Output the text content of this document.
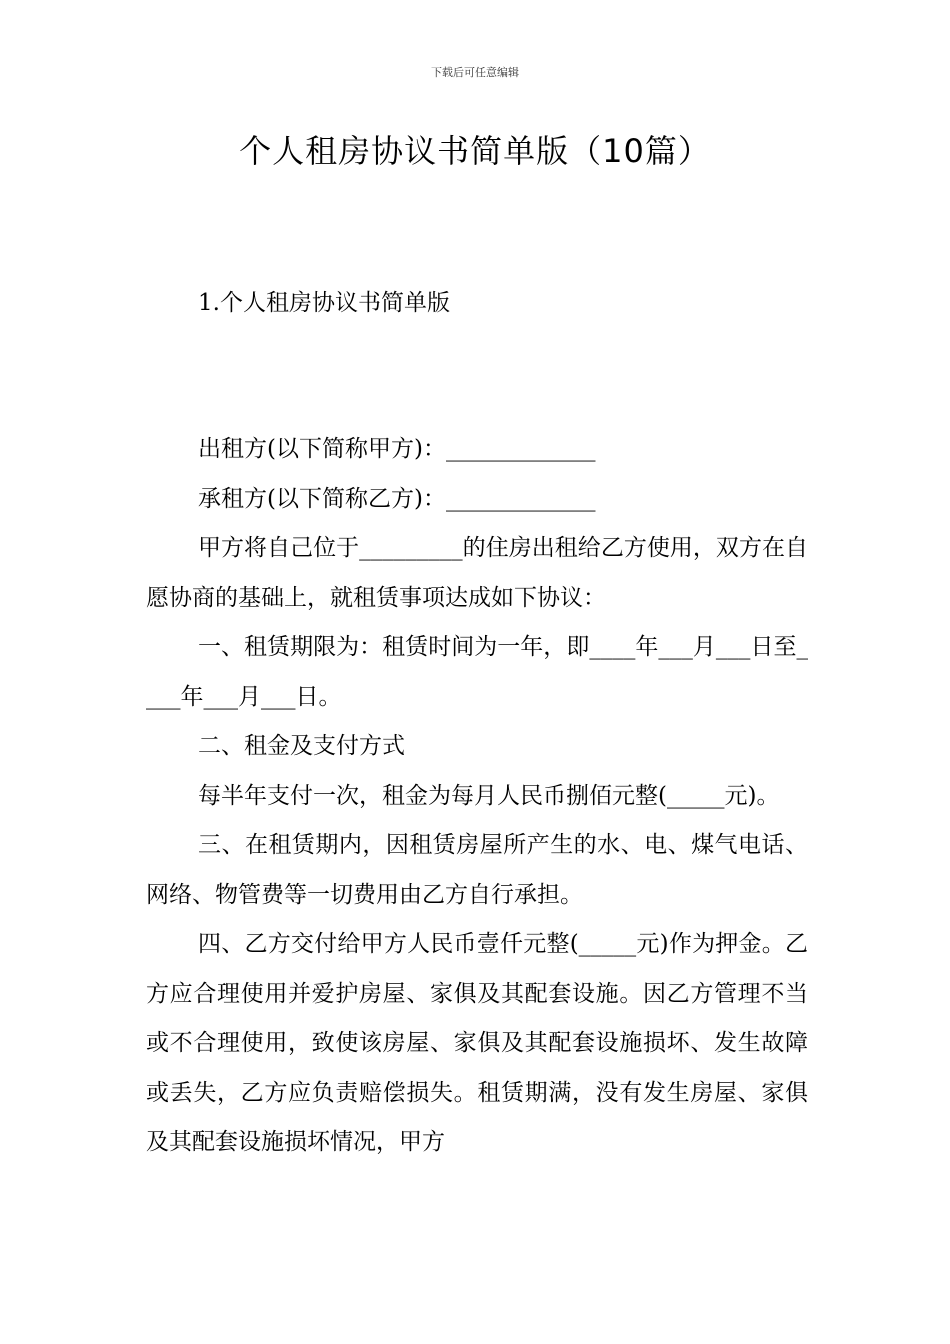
下载后可任意编辑
个人租房协议书简单版（10篇）
1.个人租房协议书简单版

出租方(以下简称甲方)：_____________

承租方(以下简称乙方)：_____________

甲方将自己位于_________的住房出租给乙方使用，双方在自愿协商的基础上，就租赁事项达成如下协议：

一、租赁期限为：租赁时间为一年，即____年___月___日至____年___月___日。

二、租金及支付方式

每半年支付一次，租金为每月人民币捌佰元整(_____元)。

三、在租赁期内，因租赁房屋所产生的水、电、煤气电话、网络、物管费等一切费用由乙方自行承担。

四、乙方交付给甲方人民币壹仟元整(_____元)作为押金。乙方应合理使用并爱护房屋、家俱及其配套设施。因乙方管理不当或不合理使用，致使该房屋、家俱及其配套设施损坏、发生故障或丢失，乙方应负责赔偿损失。租赁期满，没有发生房屋、家俱及其配套设施损坏情况，甲方
